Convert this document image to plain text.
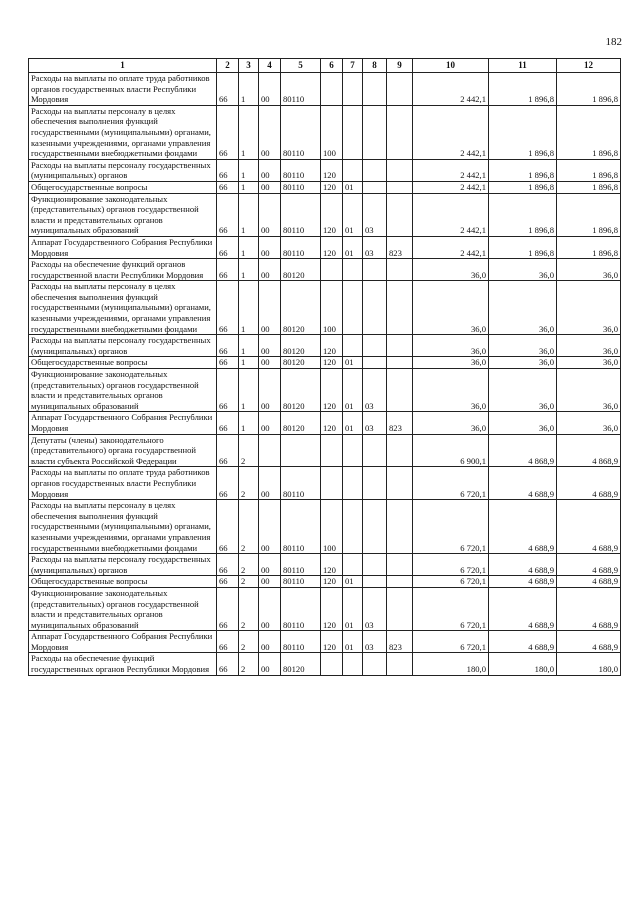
182
1	2	3	4	5	6	7	8	9	10	11	12
Расходы на выплаты по оплате труда работников органов государственных власти Республики Мордовия	66	1	00	80110					2 442,1	1 896,8	1 896,8
Расходы на выплаты персоналу в целях обеспечения выполнения функций государственными (муниципальными) органами, казенными учреждениями, органами управления государственными внебюджетными фондами	66	1	00	80110	100				2 442,1	1 896,8	1 896,8
Расходы на выплаты персоналу государственных (муниципальных) органов	66	1	00	80110	120				2 442,1	1 896,8	1 896,8
Общегосударственные вопросы	66	1	00	80110	120	01			2 442,1	1 896,8	1 896,8
Функционирование законодательных (представительных) органов государственной власти и представительных органов муниципальных образований	66	1	00	80110	120	01	03		2 442,1	1 896,8	1 896,8
Аппарат Государственного Собрания Республики Мордовия	66	1	00	80110	120	01	03	823	2 442,1	1 896,8	1 896,8
Расходы на обеспечение функций органов государственной власти Республики Мордовия	66	1	00	80120					36,0	36,0	36,0
Расходы на выплаты персоналу в целях обеспечения выполнения функций государственными (муниципальными) органами, казенными учреждениями, органами управления государственными внебюджетными фондами	66	1	00	80120	100				36,0	36,0	36,0
Расходы на выплаты персоналу государственных (муниципальных) органов	66	1	00	80120	120				36,0	36,0	36,0
Общегосударственные вопросы	66	1	00	80120	120	01			36,0	36,0	36,0
Функционирование законодательных (представительных) органов государственной власти и представительных органов муниципальных образований	66	1	00	80120	120	01	03		36,0	36,0	36,0
Аппарат Государственного Собрания Республики Мордовия	66	1	00	80120	120	01	03	823	36,0	36,0	36,0
Депутаты (члены) законодательного (представительного) органа государственной власти субъекта Российской Федерации	66	2							6 900,1	4 868,9	4 868,9
Расходы на выплаты по оплате труда работников органов государственных власти Республики Мордовия	66	2	00	80110					6 720,1	4 688,9	4 688,9
Расходы на выплаты персоналу в целях обеспечения выполнения функций государственными (муниципальными) органами, казенными учреждениями, органами управления государственными внебюджетными фондами	66	2	00	80110	100				6 720,1	4 688,9	4 688,9
Расходы на выплаты персоналу государственных (муниципальных) органов	66	2	00	80110	120				6 720,1	4 688,9	4 688,9
Общегосударственные вопросы	66	2	00	80110	120	01			6 720,1	4 688,9	4 688,9
Функционирование законодательных (представительных) органов государственной власти и представительных органов муниципальных образований	66	2	00	80110	120	01	03		6 720,1	4 688,9	4 688,9
Аппарат Государственного Собрания Республики Мордовия	66	2	00	80110	120	01	03	823	6 720,1	4 688,9	4 688,9
Расходы на обеспечение функций государственных органов Республики Мордовия	66	2	00	80120					180,0	180,0	180,0
